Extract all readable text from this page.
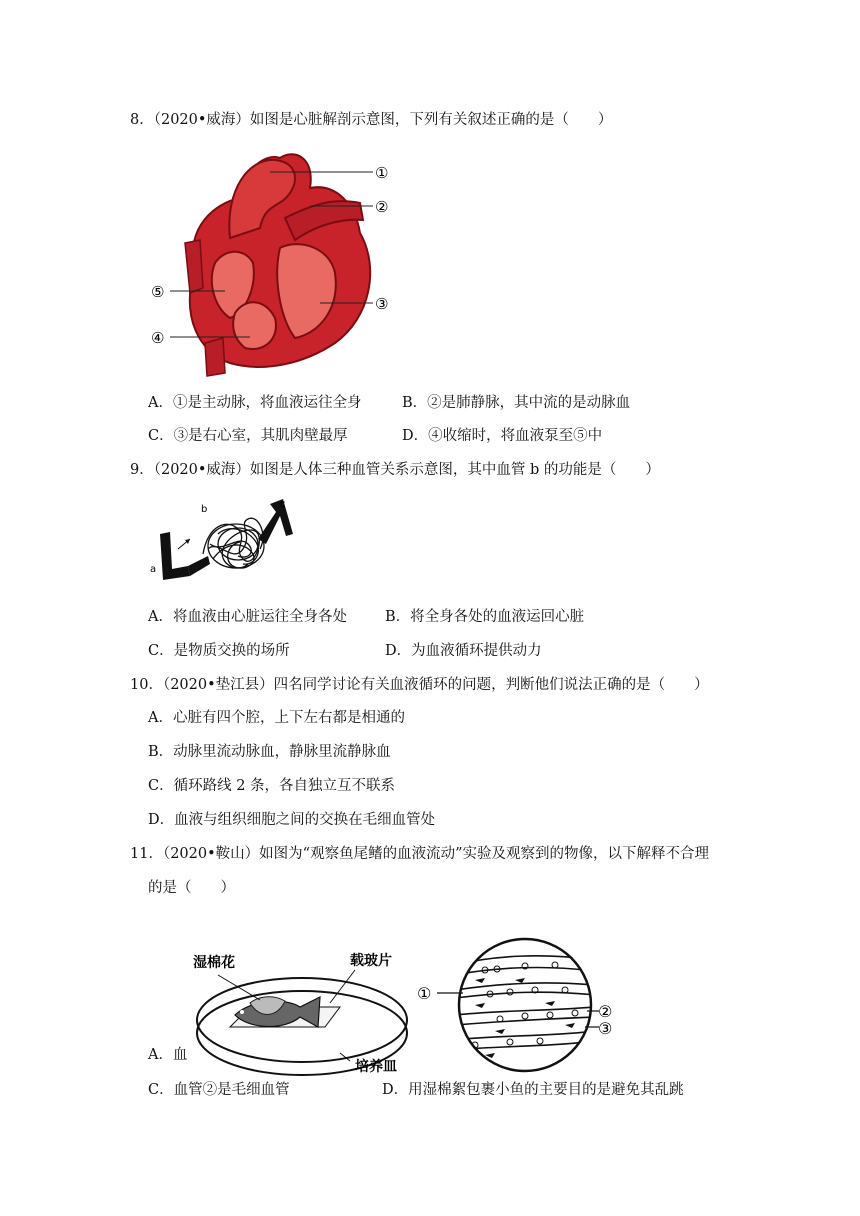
8．（2020•威海）如图是心脏解剖示意图，下列有关叙述正确的是（　　）
①
②
③
⑤
④
A．①是主动脉，将血液运往全身	B．②是肺静脉，其中流的是动脉血
C．③是右心室，其肌肉壁最厚	D．④收缩时，将血液泵至⑤中
9．（2020•威海）如图是人体三种血管关系示意图，其中血管 b 的功能是（　　）
a
b	c
A．将血液由心脏运往全身各处	B．将全身各处的血液运回心脏
C．是物质交换的场所	D．为血液循环提供动力
10．（2020•垫江县）四名同学讨论有关血液循环的问题，判断他们说法正确的是（　　）
A．心脏有四个腔，上下左右都是相通的
B．动脉里流动脉血，静脉里流静脉血
C．循环路线 2 条，各自独立互不联系
D．血液与组织细胞之间的交换在毛细血管处
11．（2020•鞍山）如图为“观察鱼尾鳍的血液流动”实验及观察到的物像，以下解释不合理
的是（　　）
湿棉花	载玻片
培养皿
①
②
③
A．血
C．血管②是毛细血管	D．用湿棉絮包裹小鱼的主要目的是避免其乱跳
